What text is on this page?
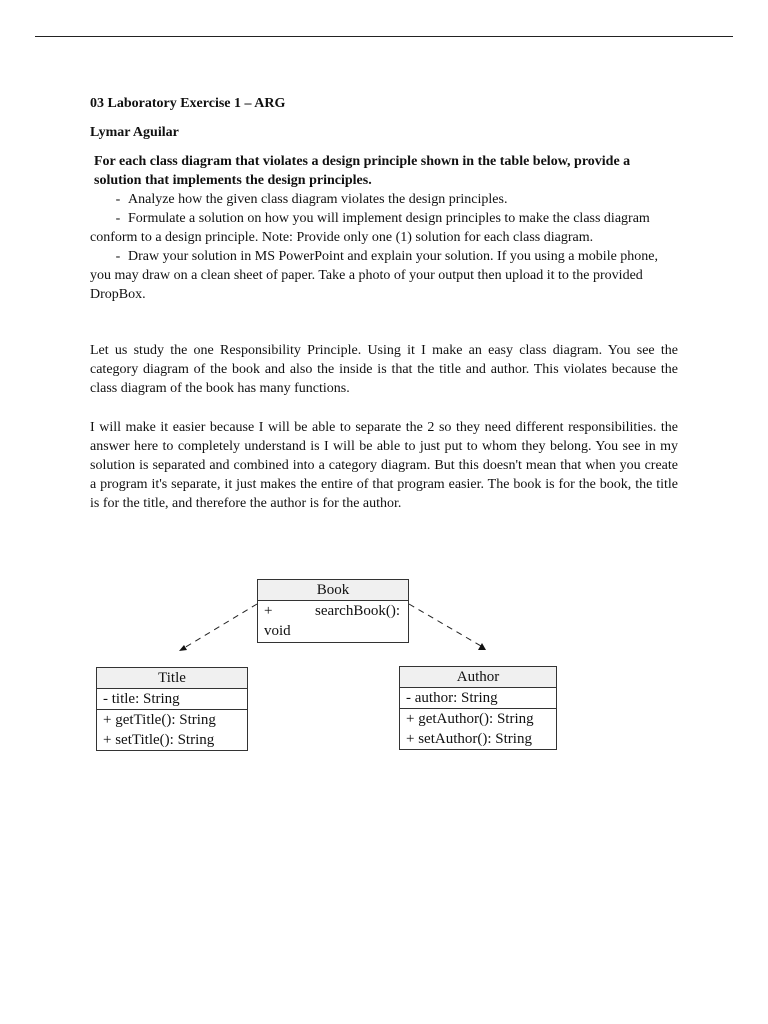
03 Laboratory Exercise 1 – ARG

Lymar Aguilar

For each class diagram that violates a design principle shown in the table below, provide a solution that implements the design principles.

- Analyze how the given class diagram violates the design principles.

- Formulate a solution on how you will implement design principles to make the class diagram conform to a design principle. Note: Provide only one (1) solution for each class diagram.

- Draw your solution in MS PowerPoint and explain your solution. If you using a mobile phone, you may draw on a clean sheet of paper. Take a photo of your output then upload it to the provided DropBox.

Let us study the one Responsibility Principle. Using it I make an easy class diagram. You see the category diagram of the book and also the inside is that the title and author. This violates because the class diagram of the book has many functions.

I will make it easier because I will be able to separate the 2 so they need different responsibilities. the answer here to completely understand is I will be able to just put to whom they belong. You see in my solution is separated and combined into a category diagram. But this doesn't mean that when you create a program it's separate, it just makes the entire of that program easier. The book is for the book, the title is for the title, and therefore the author is for the author.

Book
+	searchBook():
void
Title
- title: String
+ getTitle(): String
+ setTitle(): String
Author
- author: String
+ getAuthor(): String
+ setAuthor(): String
